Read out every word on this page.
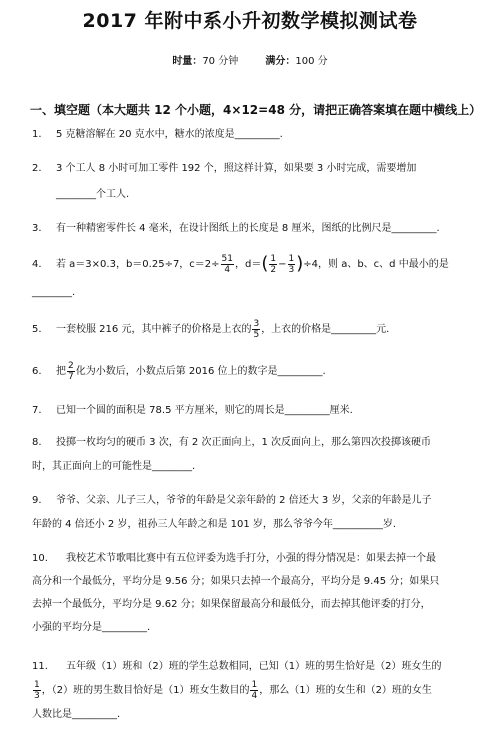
2017 年附中系小升初数学模拟测试卷
时量：70 分钟	满分：100 分
一、填空题（本大题共 12 个小题，4×12=48 分，请把正确答案填在题中横线上）
1. 5 克糖溶解在 20 克水中，糖水的浓度是_________.
2. 3 个工人 8 小时可加工零件 192 个，照这样计算，如果要 3 小时完成，需要增加
________个工人.
3. 有一种精密零件长 4 毫米，在设计图纸上的长度是 8 厘米，图纸的比例尺是_________.
4. 若 a＝3×0.3，b＝0.25÷7，$c=2\div \frac{51}{4}$ ，$d=( \frac{1}{2} - \frac{1}{3} )\div 4$，则 a、b、c、d 中最小的是
________.
5. 一套校服 216 元，其中裤子的价格是上衣的 $\frac{3}{5}$ ，上衣的价格是_________元.
6. 把 $\frac{2}{7}$ 化为小数后，小数点后第 2016 位上的数字是_________.
7. 已知一个圆的面积是 78.5 平方厘米，则它的周长是_________厘米.
8. 投掷一枚均匀的硬币 3 次，有 2 次正面向上，1 次反面向上，那么第四次投掷该硬币
时，其正面向上的可能性是________.
9. 爷爷、父亲、儿子三人，爷爷的年龄是父亲年龄的 2 倍还大 3 岁，父亲的年龄是儿子
年龄的 4 倍还小 2 岁，祖孙三人年龄之和是 101 岁，那么爷爷今年__________岁.
10. 我校艺术节歌唱比赛中有五位评委为选手打分，小强的得分情况是：如果去掉一个最
高分和一个最低分，平均分是 9.56 分；如果只去掉一个最高分，平均分是 9.45 分；如果只
去掉一个最低分，平均分是 9.62 分；如果保留最高分和最低分，而去掉其他评委的打分，
小强的平均分是_________.
11. 五年级（1）班和（2）班的学生总数相同，已知（1）班的男生恰好是（2）班女生的
$\frac{1}{3}$ ，（2）班的男生数目恰好是（1）班女生数目的 $\frac{1}{4}$ ，那么（1）班的女生和（2）班的女生
人数比是_________.
